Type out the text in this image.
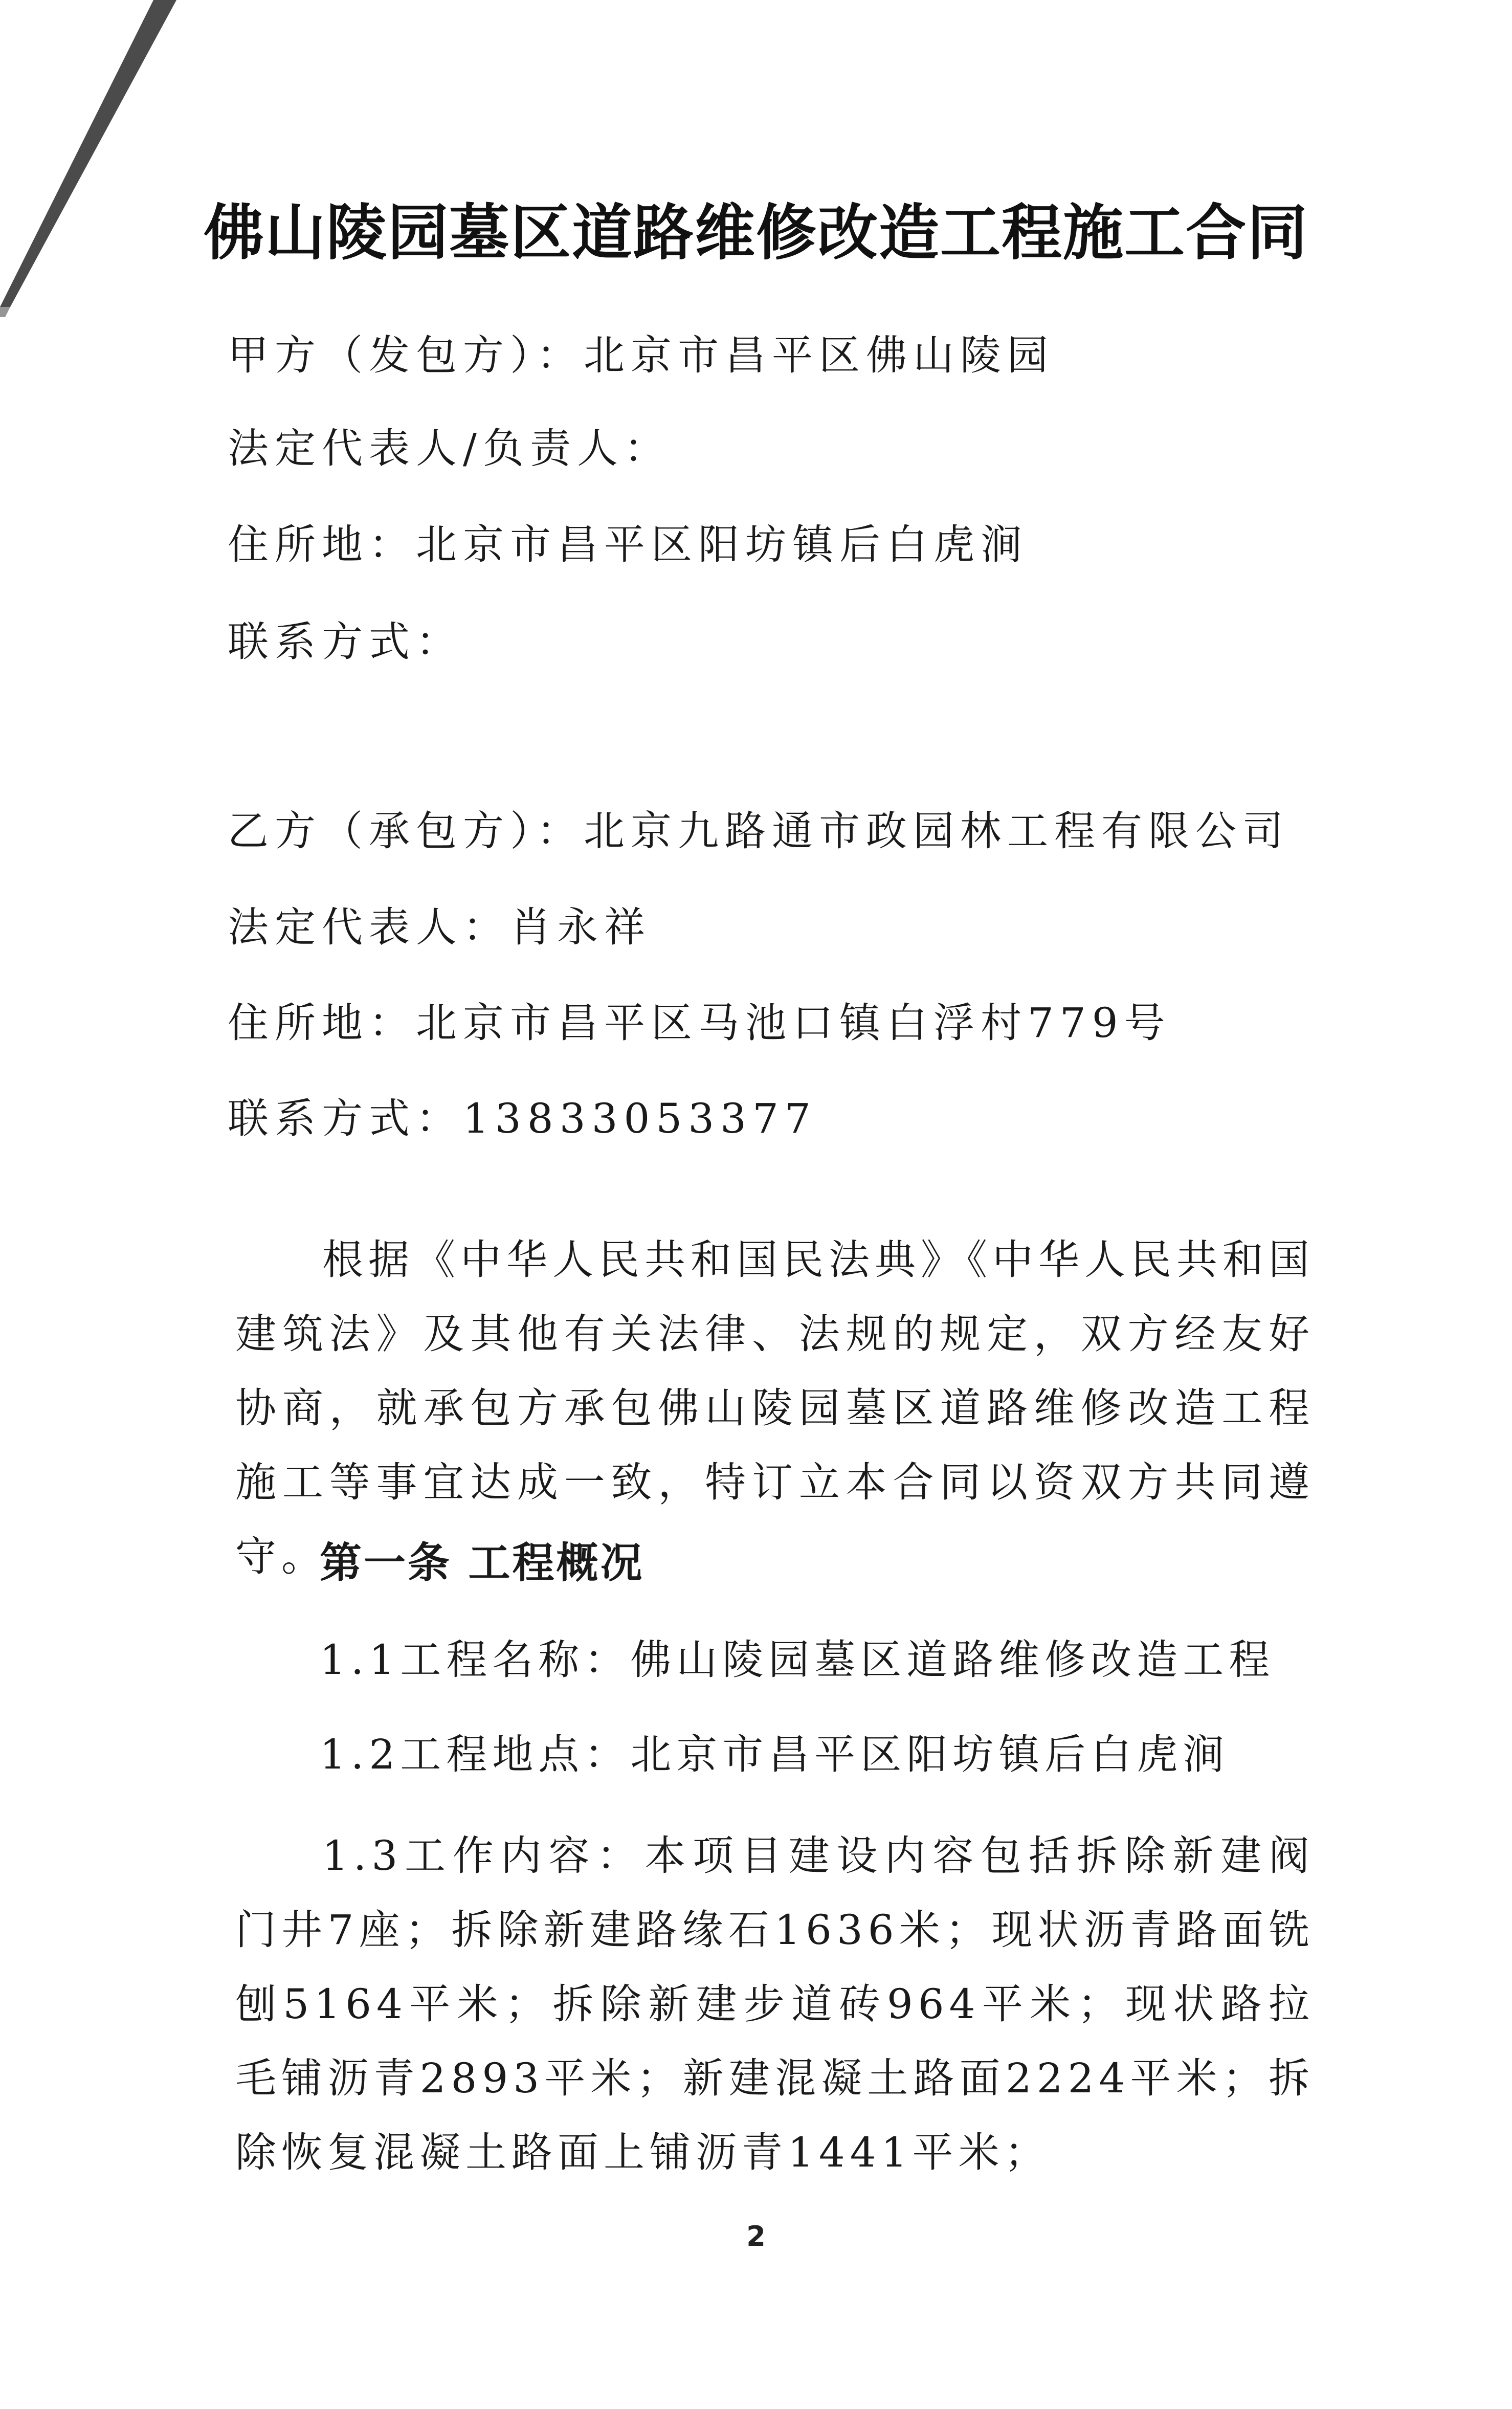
佛山陵园墓区道路维修改造工程施工合同
甲方（发包方）：北京市昌平区佛山陵园
法定代表人/负责人：
住所地：北京市昌平区阳坊镇后白虎涧
联系方式：
乙方（承包方）：北京九路通市政园林工程有限公司
法定代表人：肖永祥
住所地：北京市昌平区马池口镇白浮村779号
联系方式：13833053377
根据《中华人民共和国民法典》《中华人民共和国建筑法》及其他有关法律、法规的规定，双方经友好协商，就承包方承包佛山陵园墓区道路维修改造工程施工等事宜达成一致，特订立本合同以资双方共同遵守。
第一条 工程概况
1.1工程名称：佛山陵园墓区道路维修改造工程
1.2工程地点：北京市昌平区阳坊镇后白虎涧
1.3工作内容：本项目建设内容包括拆除新建阀门井7座；拆除新建路缘石1636米；现状沥青路面铣刨5164平米；拆除新建步道砖964平米；现状路拉毛铺沥青2893平米；新建混凝土路面2224平米；拆除恢复混凝土路面上铺沥青1441平米；
2
